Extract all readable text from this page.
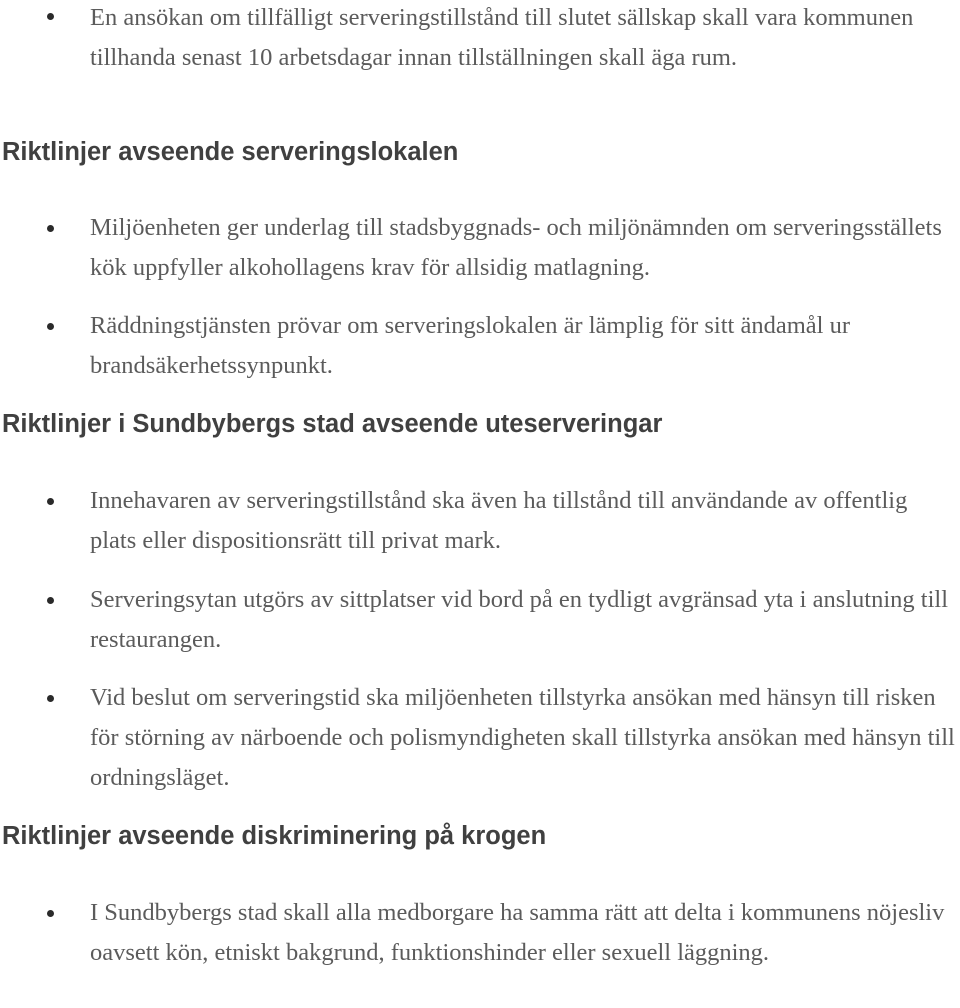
En ansökan om tillfälligt serveringstillstånd till slutet sällskap skall vara kommunen tillhanda senast 10 arbetsdagar innan tillställningen skall äga rum.

Riktlinjer avseende serveringslokalen

Miljöenheten ger underlag till stadsbyggnads- och miljönämnden om serveringsställets kök uppfyller alkohollagens krav för allsidig matlagning.

Räddningstjänsten prövar om serveringslokalen är lämplig för sitt ändamål ur brandsäkerhetssynpunkt.

Riktlinjer i Sundbybergs stad avseende uteserveringar

Innehavaren av serveringstillstånd ska även ha tillstånd till användande av offentlig plats eller dispositionsrätt till privat mark.

Serveringsytan utgörs av sittplatser vid bord på en tydligt avgränsad yta i anslutning till restaurangen.

Vid beslut om serveringstid ska miljöenheten tillstyrka ansökan med hänsyn till risken för störning av närboende och polismyndigheten skall tillstyrka ansökan med hänsyn till ordningsläget.

Riktlinjer avseende diskriminering på krogen

I Sundbybergs stad skall alla medborgare ha samma rätt att delta i kommunens nöjesliv oavsett kön, etniskt bakgrund, funktionshinder eller sexuell läggning.
